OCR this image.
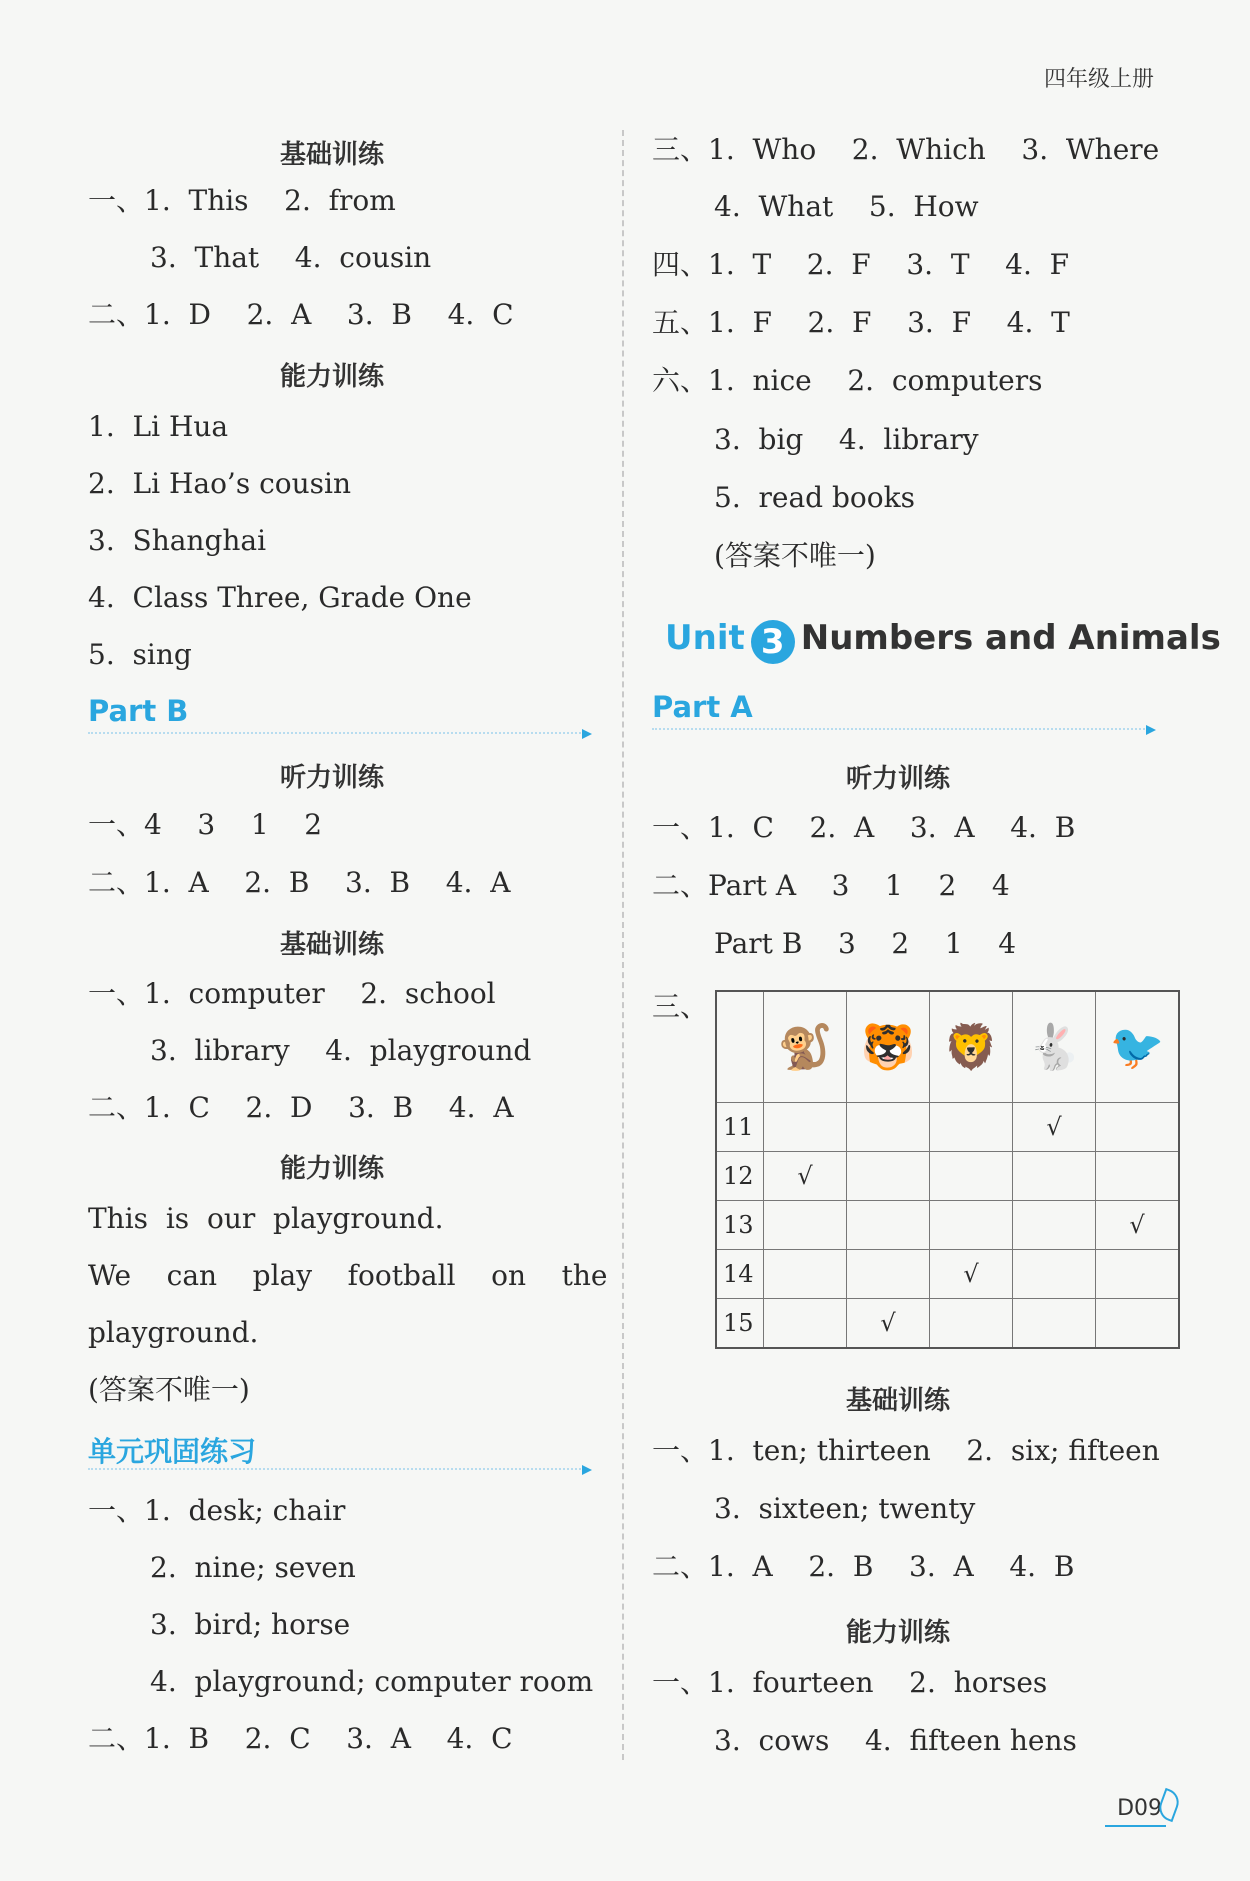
四年级上册
基础训练
一、1.  This    2.  from
3.  That    4.  cousin
二、1.  D    2.  A    3.  B    4.  C
能力训练
1.  Li Hua
2.  Li Hao’s cousin
3.  Shanghai
4.  Class Three, Grade One
5.  sing
Part B
听力训练
一、4    3    1    2
二、1.  A    2.  B    3.  B    4.  A
基础训练
一、1.  computer    2.  school
3.  library    4.  playground
二、1.  C    2.  D    3.  B    4.  A
能力训练
This  is  our  playground.
We    can    play    football    on    the
playground.
(答案不唯一)
单元巩固练习
一、1.  desk; chair
2.  nine; seven
3.  bird; horse
4.  playground; computer room
二、1.  B    2.  C    3.  A    4.  C
三、1.  Who    2.  Which    3.  Where
4.  What    5.  How
四、1.  T    2.  F    3.  T    4.  F
五、1.  F    2.  F    3.  F    4.  T
六、1.  nice    2.  computers
3.  big    4.  library
5.  read books
(答案不唯一)
Unit 3 Numbers and Animals
Part A
听力训练
一、1.  C    2.  A    3.  A    4.  B
二、Part A    3    1    2    4
Part B    3    2    1    4
三、
	🐒	🐯	🦁	🐇	🐦
11				√	
12	√				
13					√
14			√		
15		√			
基础训练
一、1.  ten; thirteen    2.  six; fifteen
3.  sixteen; twenty
二、1.  A    2.  B    3.  A    4.  B
能力训练
一、1.  fourteen    2.  horses
3.  cows    4.  fifteen hens
D09
